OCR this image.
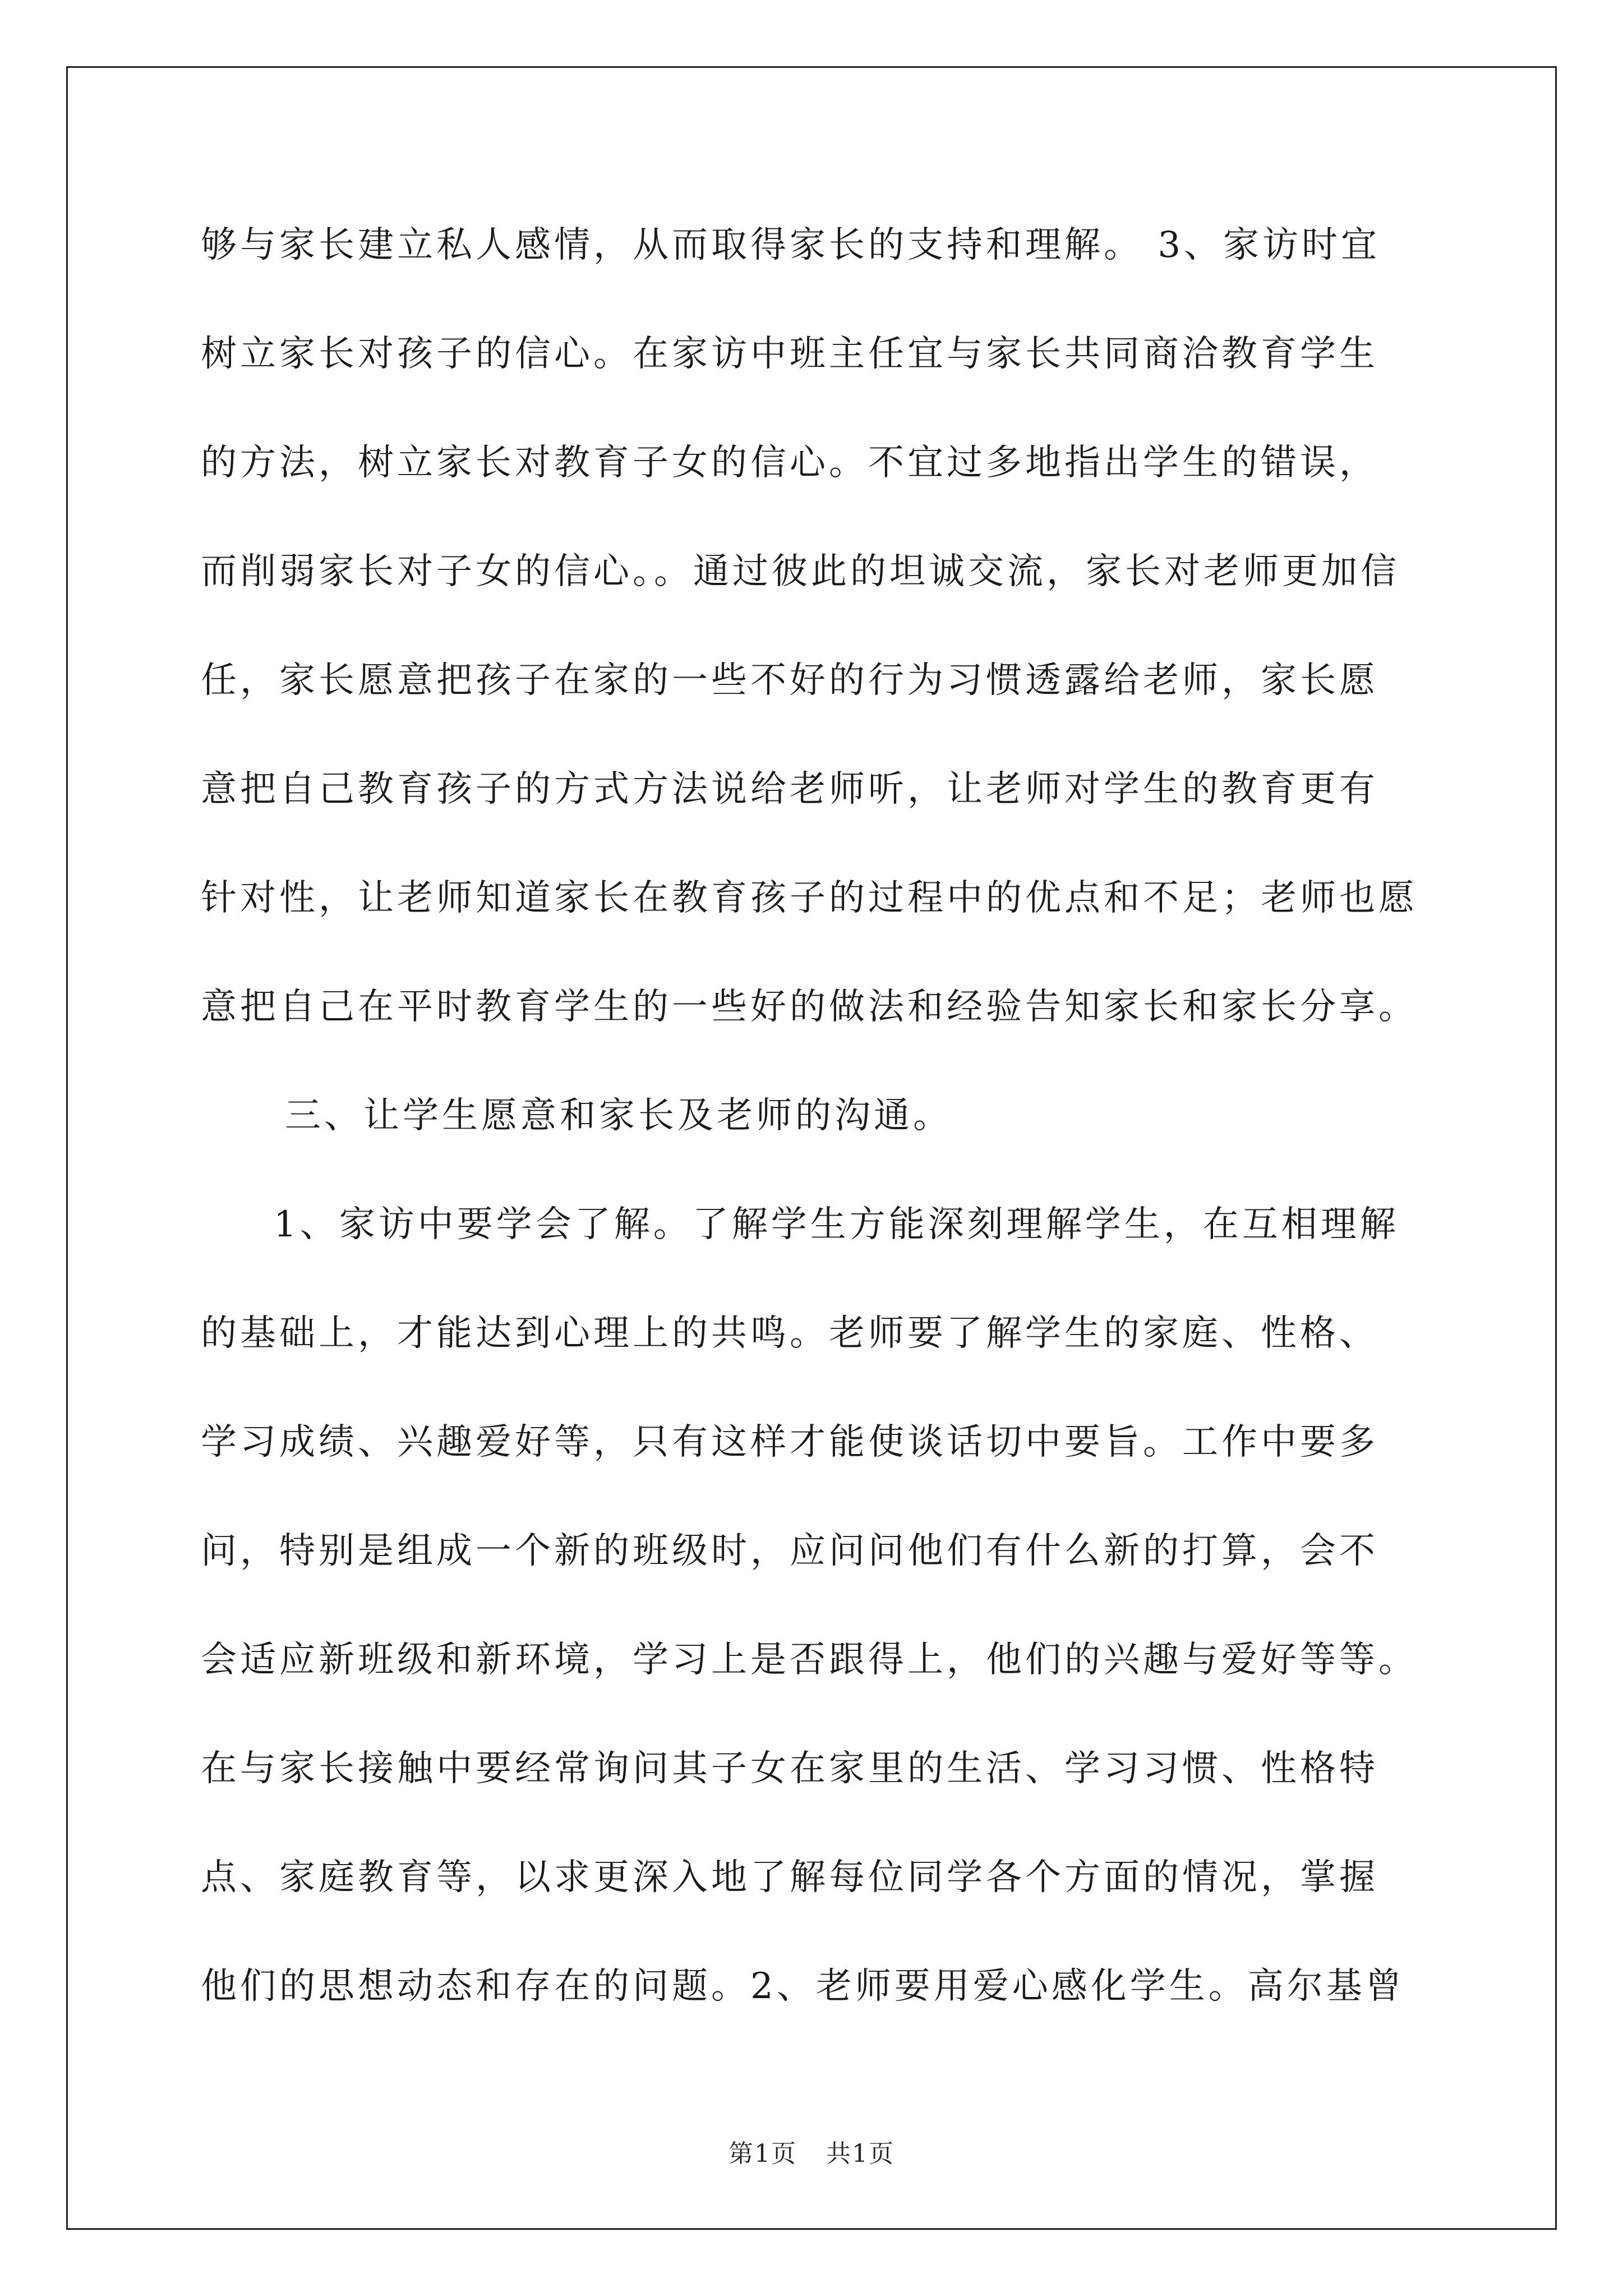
够与家长建立私人感情，从而取得家长的支持和理解。 3、家访时宜
树立家长对孩子的信心。在家访中班主任宜与家长共同商洽教育学生
的方法，树立家长对教育子女的信心。不宜过多地指出学生的错误，
而削弱家长对子女的信心。。通过彼此的坦诚交流，家长对老师更加信
任，家长愿意把孩子在家的一些不好的行为习惯透露给老师，家长愿
意把自己教育孩子的方式方法说给老师听，让老师对学生的教育更有
针对性，让老师知道家长在教育孩子的过程中的优点和不足；老师也愿
意把自己在平时教育学生的一些好的做法和经验告知家长和家长分享。
三、让学生愿意和家长及老师的沟通。
1、家访中要学会了解。了解学生方能深刻理解学生，在互相理解
的基础上，才能达到心理上的共鸣。老师要了解学生的家庭、性格、
学习成绩、兴趣爱好等，只有这样才能使谈话切中要旨。工作中要多
问，特别是组成一个新的班级时，应问问他们有什么新的打算，会不
会适应新班级和新环境，学习上是否跟得上，他们的兴趣与爱好等等。
在与家长接触中要经常询问其子女在家里的生活、学习习惯、性格特
点、家庭教育等，以求更深入地了解每位同学各个方面的情况，掌握
他们的思想动态和存在的问题。2、老师要用爱心感化学生。高尔基曾
第1页 共1页
